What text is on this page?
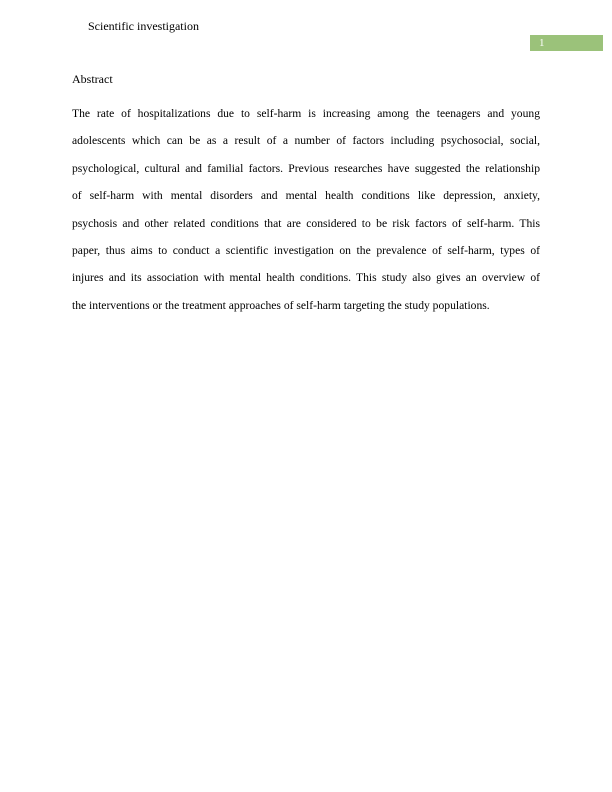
Scientific investigation
1
Abstract
The rate of hospitalizations due to self-harm is increasing among the teenagers and young
adolescents which can be as a result of a number of factors including psychosocial, social,
psychological, cultural and familial factors. Previous researches have suggested the relationship
of self-harm with mental disorders and mental health conditions like depression, anxiety,
psychosis and other related conditions that are considered to be risk factors of self-harm. This
paper, thus aims to conduct a scientific investigation on the prevalence of self-harm, types of
injures and its association with mental health conditions. This study also gives an overview of
the interventions or the treatment approaches of self-harm targeting the study populations.
